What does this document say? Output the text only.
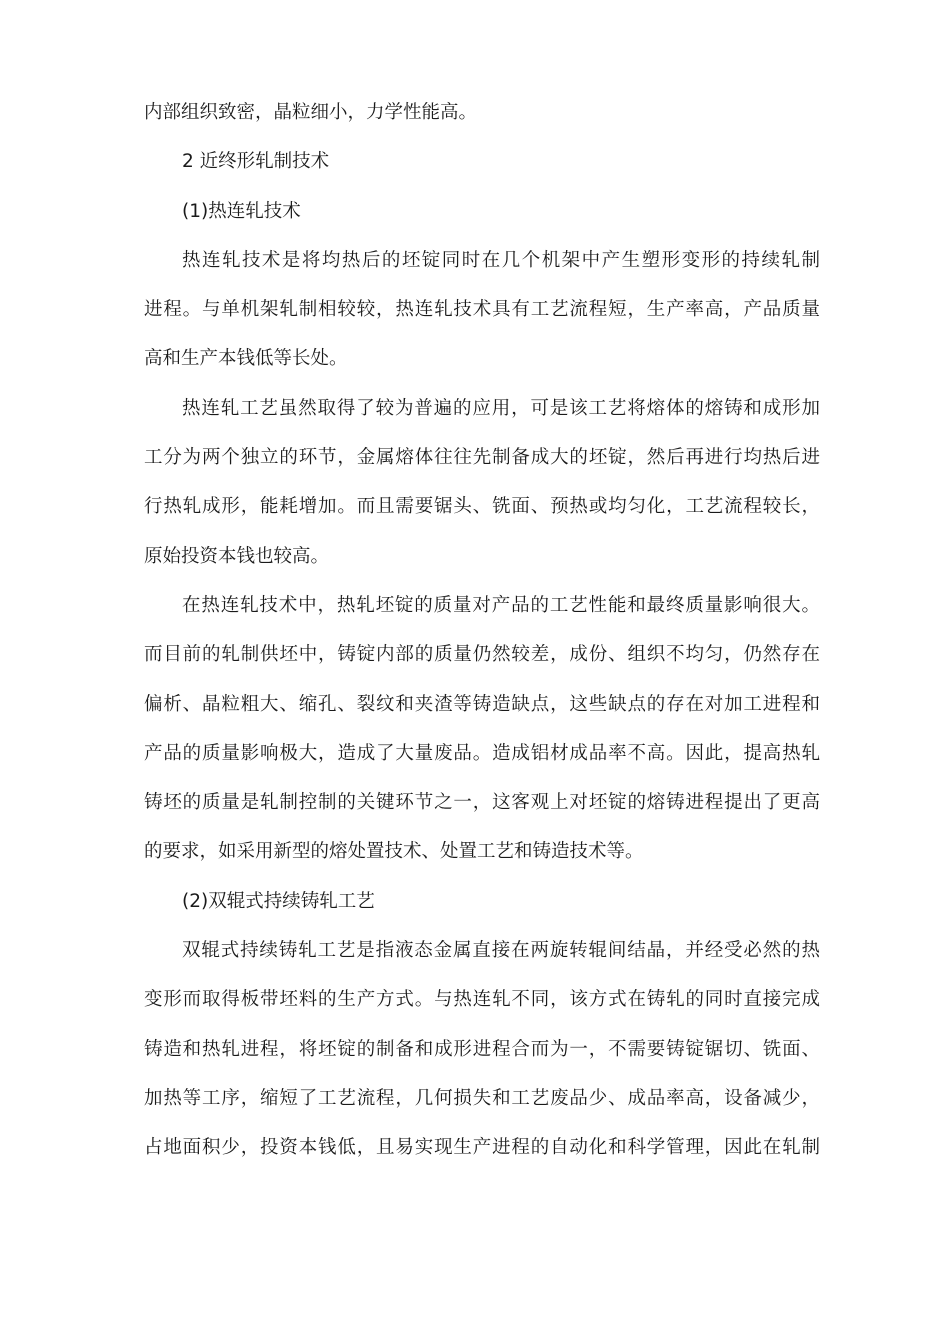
内部组织致密，晶粒细小，力学性能高。
2 近终形轧制技术
(1)热连轧技术
热连轧技术是将均热后的坯锭同时在几个机架中产生塑形变形的持续轧制
进程。与单机架轧制相较较，热连轧技术具有工艺流程短，生产率高，产品质量
高和生产本钱低等长处。
热连轧工艺虽然取得了较为普遍的应用，可是该工艺将熔体的熔铸和成形加
工分为两个独立的环节，金属熔体往往先制备成大的坯锭，然后再进行均热后进
行热轧成形，能耗增加。而且需要锯头、铣面、预热或均匀化，工艺流程较长，
原始投资本钱也较高。
在热连轧技术中，热轧坯锭的质量对产品的工艺性能和最终质量影响很大。
而目前的轧制供坯中，铸锭内部的质量仍然较差，成份、组织不均匀，仍然存在
偏析、晶粒粗大、缩孔、裂纹和夹渣等铸造缺点，这些缺点的存在对加工进程和
产品的质量影响极大，造成了大量废品。造成铝材成品率不高。因此，提高热轧
铸坯的质量是轧制控制的关键环节之一，这客观上对坯锭的熔铸进程提出了更高
的要求，如采用新型的熔处置技术、处置工艺和铸造技术等。
(2)双辊式持续铸轧工艺
双辊式持续铸轧工艺是指液态金属直接在两旋转辊间结晶，并经受必然的热
变形而取得板带坯料的生产方式。与热连轧不同，该方式在铸轧的同时直接完成
铸造和热轧进程，将坯锭的制备和成形进程合而为一，不需要铸锭锯切、铣面、
加热等工序，缩短了工艺流程，几何损失和工艺废品少、成品率高，设备减少，
占地面积少，投资本钱低，且易实现生产进程的自动化和科学管理，因此在轧制
